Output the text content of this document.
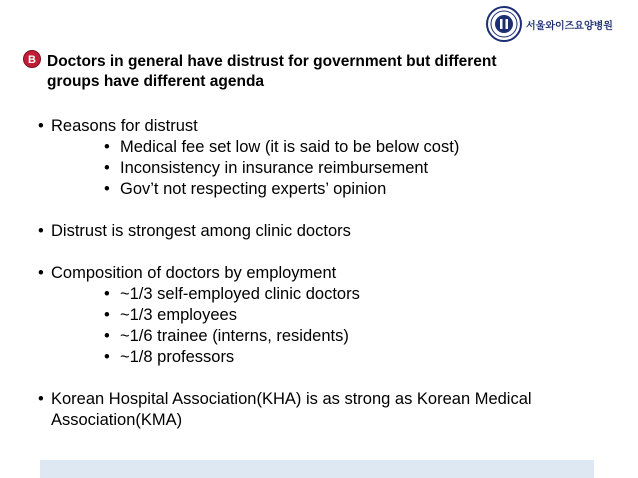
서울와이즈요양병원
B Doctors in general have distrust for government but different
groups have different agenda
• Reasons for distrust
• Medical fee set low (it is said to be below cost)
• Inconsistency in insurance reimbursement
• Gov’t not respecting experts’ opinion
• Distrust is strongest among clinic doctors
• Composition of doctors by employment
• ~1/3 self-employed clinic doctors
• ~1/3 employees
• ~1/6 trainee (interns, residents)
• ~1/8 professors
• Korean Hospital Association(KHA) is as strong as Korean Medical
Association(KMA)
